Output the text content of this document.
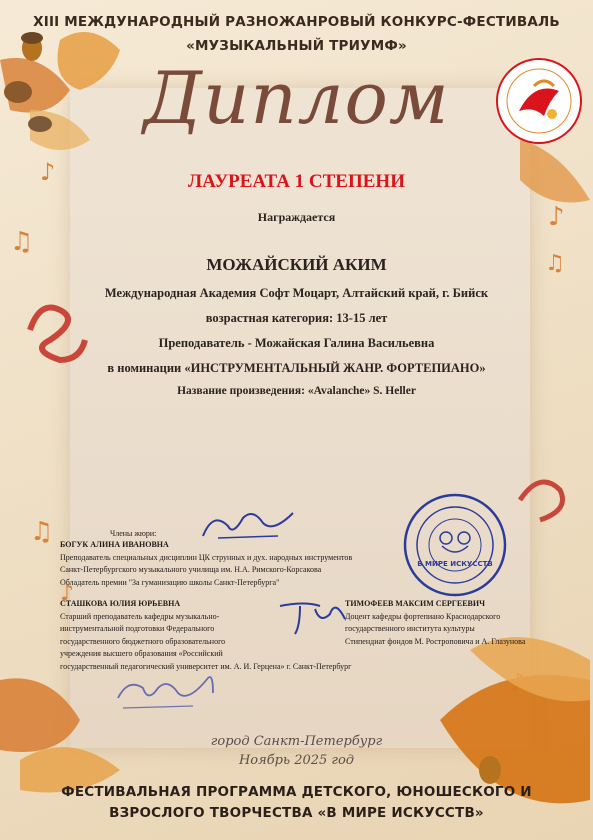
♪
♫
♪
♫
♫
♪
XIII МЕЖДУНАРОДНЫЙ РАЗНОЖАНРОВЫЙ КОНКУРС-ФЕСТИВАЛЬ
«МУЗЫКАЛЬНЫЙ ТРИУМФ»
Диплом
ЛАУРЕАТА 1 СТЕПЕНИ
Награждается
МОЖАЙСКИЙ АКИМ
Международная Академия Софт Моцарт, Алтайский край, г. Бийск
возрастная категория: 13-15 лет
Преподаватель - Можайская Галина Васильевна
в номинации «ИНСТРУМЕНТАЛЬНЫЙ ЖАНР. ФОРТЕПИАНО»
Название произведения: «Avalanche» S. Heller
Члены жюри:
БОГУК АЛИНА ИВАНОВНА
Преподаватель специальных дисциплин ЦК струнных и дух. народных инструментов
Санкт-Петербургского музыкального училища им. Н.А. Римского-Корсакова
Обладатель премии "За гуманизацию школы Санкт-Петербурга"
СТАШКОВА ЮЛИЯ ЮРЬЕВНА
Старший преподаватель кафедры музыкально-
инструментальной подготовки Федерального
государственного бюджетного образовательного
учреждения высшего образования «Российский
государственный педагогический университет им. А. И. Герцена» г. Санкт-Петербург
ТИМОФЕЕВ МАКСИМ СЕРГЕЕВИЧ
Доцент кафедры фортепиано Краснодарского
государственного института культуры
Стипендиат фондов М. Ростроповича и А. Глазунова
В МИРЕ ИСКУССТВ
город Санкт-Петербург
Ноябрь 2025 год
ФЕСТИВАЛЬНАЯ ПРОГРАММА ДЕТСКОГО, ЮНОШЕСКОГО И
ВЗРОСЛОГО ТВОРЧЕСТВА «В МИРЕ ИСКУССТВ»
